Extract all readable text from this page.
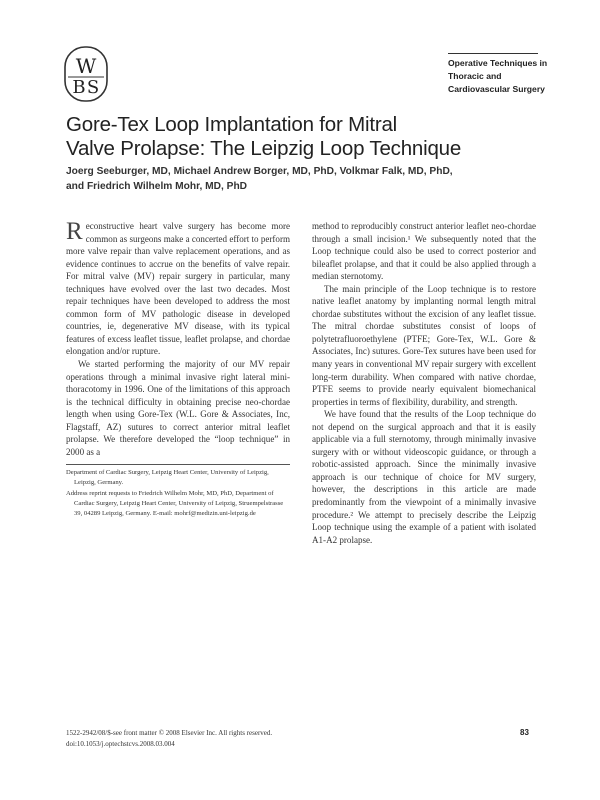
W
B S
Operative Techniques in
Thoracic and
Cardiovascular Surgery
Gore-Tex Loop Implantation for Mitral
Valve Prolapse: The Leipzig Loop Technique
Joerg Seeburger, MD, Michael Andrew Borger, MD, PhD, Volkmar Falk, MD, PhD,
and Friedrich Wilhelm Mohr, MD, PhD

Reconstructive heart valve surgery has become more common as surgeons make a concerted effort to perform more valve repair than valve replacement operations, and as evidence continues to accrue on the benefits of valve repair. For mitral valve (MV) repair surgery in particular, many techniques have evolved over the last two decades. Most repair techniques have been developed to address the most common form of MV pathologic disease in developed countries, ie, degenerative MV disease, with its typical features of excess leaflet tissue, leaflet prolapse, and chordae elongation and/or rupture.

We started performing the majority of our MV repair operations through a minimal invasive right lateral mini-thoracotomy in 1996. One of the limitations of this approach is the technical difficulty in obtaining precise neo-chordae length when using Gore-Tex (W.L. Gore & Associates, Inc, Flagstaff, AZ) sutures to correct anterior mitral leaflet prolapse. We therefore developed the “loop technique” in 2000 as a

Department of Cardiac Surgery, Leipzig Heart Center, University of Leipzig, Leipzig, Germany.

Address reprint requests to Friedrich Wilhelm Mohr, MD, PhD, Department of Cardiac Surgery, Leipzig Heart Center, University of Leipzig, Struempelstrasse 39, 04289 Leipzig, Germany. E-mail: mohrf@medizin.uni-leipzig.de

method to reproducibly construct anterior leaflet neo-chordae through a small incision.¹ We subsequently noted that the Loop technique could also be used to correct posterior and bileaflet prolapse, and that it could be also applied through a median sternotomy.

The main principle of the Loop technique is to restore native leaflet anatomy by implanting normal length mitral chordae substitutes without the excision of any leaflet tissue. The mitral chordae substitutes consist of loops of polytetrafluoroethylene (PTFE; Gore-Tex, W.L. Gore & Associates, Inc) sutures. Gore-Tex sutures have been used for many years in conventional MV repair surgery with excellent long-term durability. When compared with native chordae, PTFE seems to provide nearly equivalent biomechanical properties in terms of flexibility, durability, and strength.

We have found that the results of the Loop technique do not depend on the surgical approach and that it is easily applicable via a full sternotomy, through minimally invasive surgery with or without videoscopic guidance, or through a robotic-assisted approach. Since the minimally invasive approach is our technique of choice for MV surgery, however, the descriptions in this article are made predominantly from the viewpoint of a minimally invasive procedure.² We attempt to precisely describe the Leipzig Loop technique using the example of a patient with isolated A1-A2 prolapse.

1522-2942/08/$-see front matter © 2008 Elsevier Inc. All rights reserved.
doi:10.1053/j.optechstcvs.2008.03.004
83
